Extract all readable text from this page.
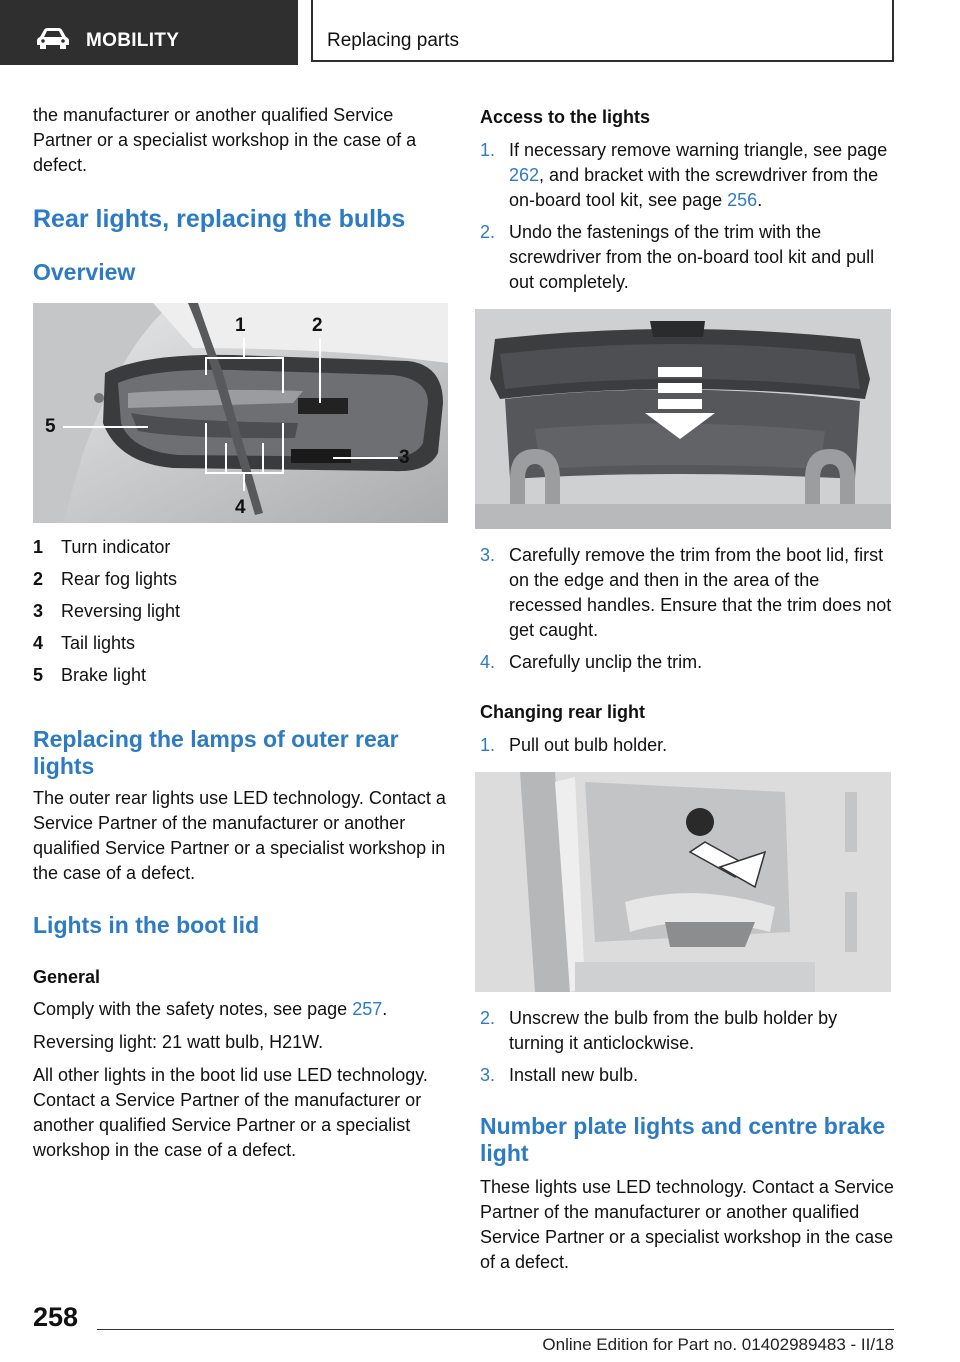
MOBILITY	Replacing parts

the manufacturer or another qualified Service Partner or a specialist workshop in the case of a defect.

Rear lights, replacing the bulbs
Overview
1	2
3
4
5
1 Turn indicator
2 Rear fog lights
3 Reversing light
4 Tail lights
5 Brake light
Replacing the lamps of outer rear lights

The outer rear lights use LED technology. Contact a Service Partner of the manufacturer or another qualified Service Partner or a specialist workshop in the case of a defect.

Lights in the boot lid
General

Comply with the safety notes, see page 257.

Reversing light: 21 watt bulb, H21W.

All other lights in the boot lid use LED technology. Contact a Service Partner of the manufacturer or another qualified Service Partner or a specialist workshop in the case of a defect.

Access to the lights
1. If necessary remove warning triangle, see page 262, and bracket with the screwdriver from the on-board tool kit, see page 256.
2. Undo the fastenings of the trim with the screwdriver from the on-board tool kit and pull out completely.
3. Carefully remove the trim from the boot lid, first on the edge and then in the area of the recessed handles. Ensure that the trim does not get caught.
4. Carefully unclip the trim.
Changing rear light
1. Pull out bulb holder.
2. Unscrew the bulb from the bulb holder by turning it anticlockwise.
3. Install new bulb.
Number plate lights and centre brake light

These lights use LED technology. Contact a Service Partner of the manufacturer or another qualified Service Partner or a specialist workshop in the case of a defect.

258
Online Edition for Part no. 01402989483 - II/18
